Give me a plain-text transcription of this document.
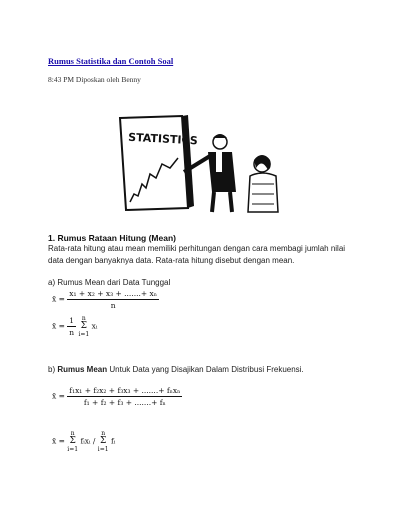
Rumus Statistika dan Contoh Soal
8:43 PM Diposkan oleh Benny
STATISTICS
1. Rumus Rataan Hitung (Mean)
Rata-rata hitung atau mean memiliki perhitungan dengan cara membagi jumlah nilai data dengan banyaknya data. Rata-rata hitung disebut dengan mean.
a) Rumus Mean dari Data Tunggal
x̄ = $\frac{\text{x₁ + x₂ + x₃ + .......+ xₙ}}{n}$
x̄ = $\frac{1}{n}$ n
Σ
i=1 xᵢ
b) Rumus Mean Untuk Data yang Disajikan Dalam Distribusi Frekuensi.
x̄ = $\frac{\text{f₁x₁ + f₂x₂ + f₃x₃ + .......+ fₙxₙ}}{\text{f₁ + f₂ + f₃ + .......+ fₙ}}$
x̄ = n
Σ
i=1 fᵢxᵢ / n
Σ
i=1 fᵢ
